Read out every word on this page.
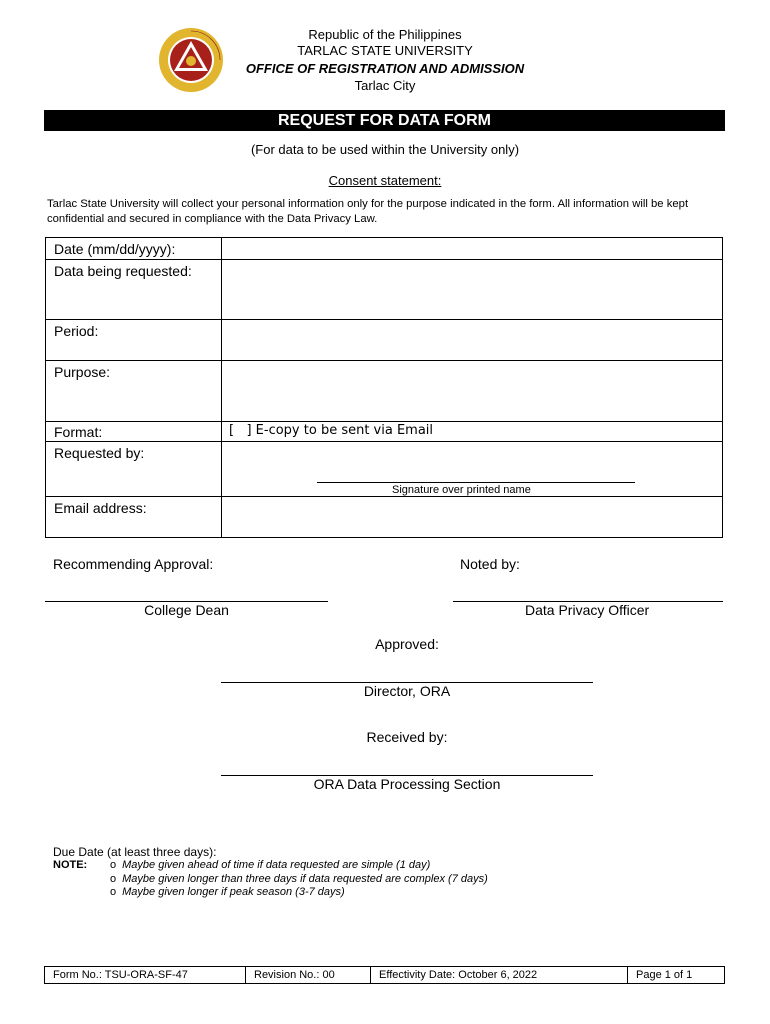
Republic of the Philippines
TARLAC STATE UNIVERSITY
OFFICE OF REGISTRATION AND ADMISSION
Tarlac City
REQUEST FOR DATA FORM
(For data to be used within the University only)
Consent statement:
Tarlac State University will collect your personal information only for the purpose indicated in the form. All information will be kept confidential and secured in compliance with the Data Privacy Law.
Date (mm/dd/yyyy):	

Data being requested:	

Period:	

Purpose:	

Format:	[   ] E-copy to be sent via Email

Requested by:	Signature over printed name

Email address:	

Recommending Approval:	Noted by:
College Dean	Data Privacy Officer
Approved:
Director, ORA
Received by:
ORA Data Processing Section
Due Date (at least three days):
NOTE: o Maybe given ahead of time if data requested are simple (1 day)
o Maybe given longer than three days if data requested are complex (7 days)
o Maybe given longer if peak season (3-7 days)
Form No.: TSU-ORA-SF-47	Revision No.: 00	Effectivity Date: October 6, 2022	Page 1 of 1
